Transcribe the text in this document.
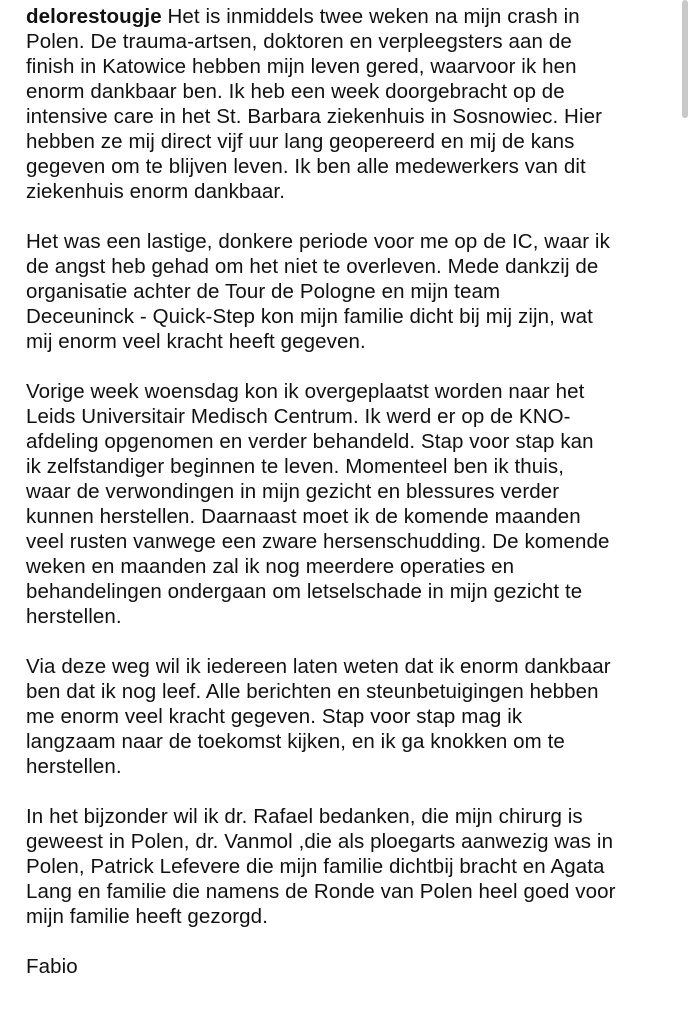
delorestougje Het is inmiddels twee weken na mijn crash in
Polen. De trauma-artsen, doktoren en verpleegsters aan de
finish in Katowice hebben mijn leven gered, waarvoor ik hen
enorm dankbaar ben. Ik heb een week doorgebracht op de
intensive care in het St. Barbara ziekenhuis in Sosnowiec. Hier
hebben ze mij direct vijf uur lang geopereerd en mij de kans
gegeven om te blijven leven. Ik ben alle medewerkers van dit
ziekenhuis enorm dankbaar.

Het was een lastige, donkere periode voor me op de IC, waar ik
de angst heb gehad om het niet te overleven. Mede dankzij de
organisatie achter de Tour de Pologne en mijn team
Deceuninck - Quick-Step kon mijn familie dicht bij mij zijn, wat
mij enorm veel kracht heeft gegeven.

Vorige week woensdag kon ik overgeplaatst worden naar het
Leids Universitair Medisch Centrum. Ik werd er op de KNO-
afdeling opgenomen en verder behandeld. Stap voor stap kan
ik zelfstandiger beginnen te leven. Momenteel ben ik thuis,
waar de verwondingen in mijn gezicht en blessures verder
kunnen herstellen. Daarnaast moet ik de komende maanden
veel rusten vanwege een zware hersenschudding. De komende
weken en maanden zal ik nog meerdere operaties en
behandelingen ondergaan om letselschade in mijn gezicht te
herstellen.

Via deze weg wil ik iedereen laten weten dat ik enorm dankbaar
ben dat ik nog leef. Alle berichten en steunbetuigingen hebben
me enorm veel kracht gegeven. Stap voor stap mag ik
langzaam naar de toekomst kijken, en ik ga knokken om te
herstellen.

In het bijzonder wil ik dr. Rafael bedanken, die mijn chirurg is
geweest in Polen, dr. Vanmol ,die als ploegarts aanwezig was in
Polen, Patrick Lefevere die mijn familie dichtbij bracht en Agata
Lang en familie die namens de Ronde van Polen heel goed voor
mijn familie heeft gezorgd.

Fabio
